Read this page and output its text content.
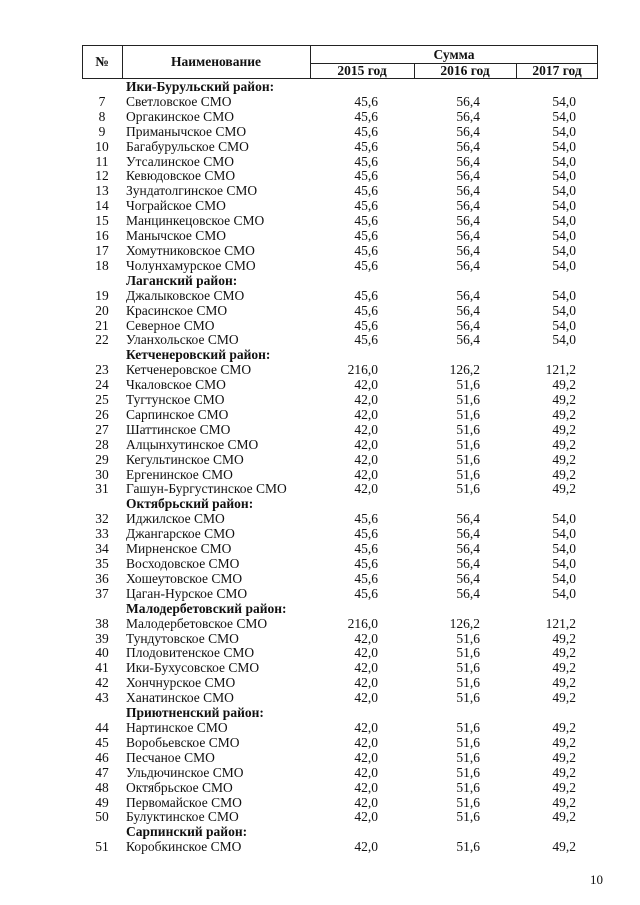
№	Наименование	Сумма
2015 год	2016 год	2017 год
Ики-Бурульский район:
7	Светловское СМО	45,6	56,4	54,0
8	Оргакинское СМО	45,6	56,4	54,0
9	Приманычское СМО	45,6	56,4	54,0
10	Багабурульское СМО	45,6	56,4	54,0
11	Утсалинское СМО	45,6	56,4	54,0
12	Кевюдовское СМО	45,6	56,4	54,0
13	Зундатолгинское СМО	45,6	56,4	54,0
14	Чограйское СМО	45,6	56,4	54,0
15	Манцинкецовское СМО	45,6	56,4	54,0
16	Манычское СМО	45,6	56,4	54,0
17	Хомутниковское СМО	45,6	56,4	54,0
18	Чолунхамурское СМО	45,6	56,4	54,0
Лаганский район:
19	Джалыковское СМО	45,6	56,4	54,0
20	Красинское СМО	45,6	56,4	54,0
21	Северное СМО	45,6	56,4	54,0
22	Уланхольское СМО	45,6	56,4	54,0
Кетченеровский район:
23	Кетченеровское СМО	216,0	126,2	121,2
24	Чкаловское СМО	42,0	51,6	49,2
25	Тугтунское СМО	42,0	51,6	49,2
26	Сарпинское СМО	42,0	51,6	49,2
27	Шаттинское СМО	42,0	51,6	49,2
28	Алцынхутинское СМО	42,0	51,6	49,2
29	Кегультинское СМО	42,0	51,6	49,2
30	Ергенинское СМО	42,0	51,6	49,2
31	Гашун-Бургустинское СМО	42,0	51,6	49,2
Октябрьский район:
32	Иджилское СМО	45,6	56,4	54,0
33	Джангарское СМО	45,6	56,4	54,0
34	Мирненское СМО	45,6	56,4	54,0
35	Восходовское СМО	45,6	56,4	54,0
36	Хошеутовское СМО	45,6	56,4	54,0
37	Цаган-Нурское СМО	45,6	56,4	54,0
Малодербетовский район:
38	Малодербетовское СМО	216,0	126,2	121,2
39	Тундутовское СМО	42,0	51,6	49,2
40	Плодовитенское СМО	42,0	51,6	49,2
41	Ики-Бухусовское СМО	42,0	51,6	49,2
42	Хончнурское СМО	42,0	51,6	49,2
43	Ханатинское СМО	42,0	51,6	49,2
Приютненский район:
44	Нартинское СМО	42,0	51,6	49,2
45	Воробьевское СМО	42,0	51,6	49,2
46	Песчаное СМО	42,0	51,6	49,2
47	Ульдючинское СМО	42,0	51,6	49,2
48	Октябрьское СМО	42,0	51,6	49,2
49	Первомайское СМО	42,0	51,6	49,2
50	Булуктинское СМО	42,0	51,6	49,2
Сарпинский район:
51	Коробкинское СМО	42,0	51,6	49,2
10
